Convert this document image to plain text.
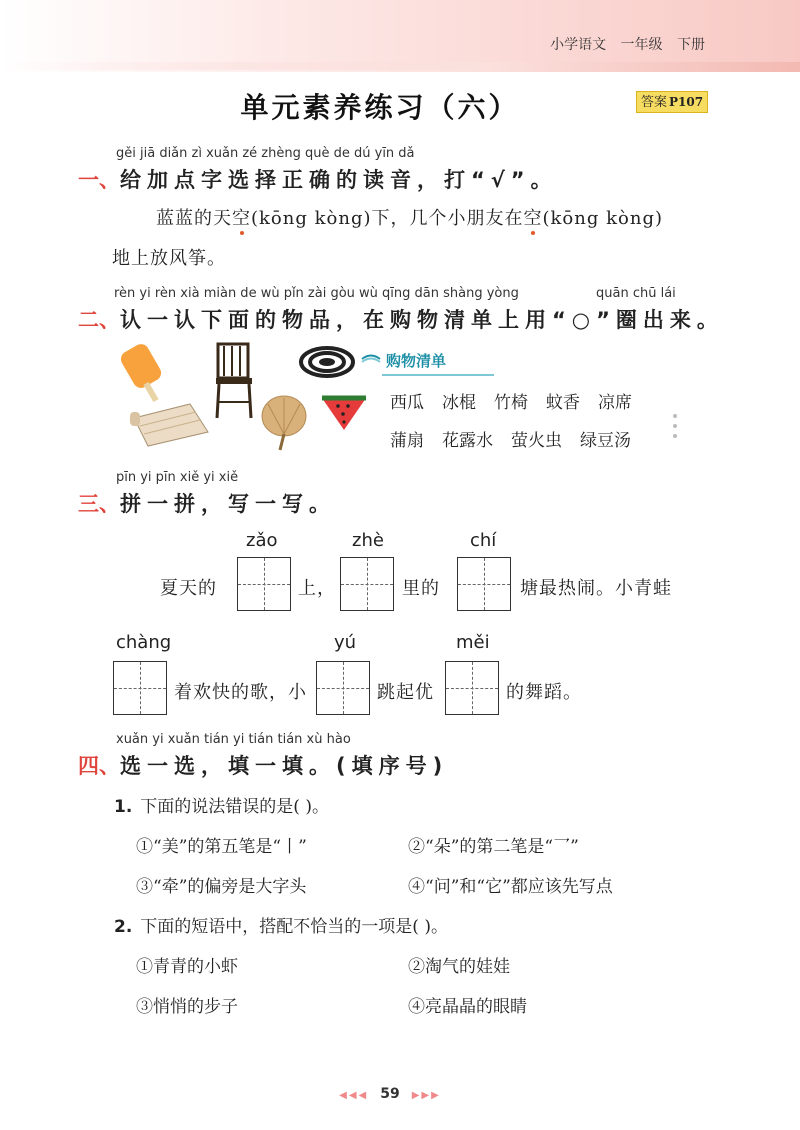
小学语文 一年级 下册
单元素养练习（六）	答案 P107
gěi jiā diǎn zì xuǎn zé zhèng què de dú yīn dǎ
一、给加点字选择正确的读音，打“√”。
蓝蓝的天空(kōng kòng)下，几个小朋友在空(kōng kòng)
地上放风筝。
rèn yi rèn xià miàn de wù pǐn zài gòu wù qīng dān shàng yòng	quān chū lái
二、认一认下面的物品，在购物清单上用“○”圈出来。
购物清单
西瓜 冰棍 竹椅 蚊香 凉席
蒲扇 花露水 萤火虫 绿豆汤
pīn yi pīn xiě yi xiě
三、拼一拼，写一写。
zǎo	zhè	chí
夏天的	上，	里的	塘最热闹。小青蛙
chàng	yú	měi
着欢快的歌，小	跳起优	的舞蹈。
xuǎn yi xuǎn tián yi tián tián xù hào
四、选一选，填一填。(填序号)
1. 下面的说法错误的是( )。
①“美”的第五笔是“丨”	②“朵”的第二笔是“乛”
③“牵”的偏旁是大字头	④“问”和“它”都应该先写点
2. 下面的短语中，搭配不恰当的一项是( )。
①青青的小虾	②淘气的娃娃
③悄悄的步子	④亮晶晶的眼睛
◀◀◀ 59 ▶▶▶
